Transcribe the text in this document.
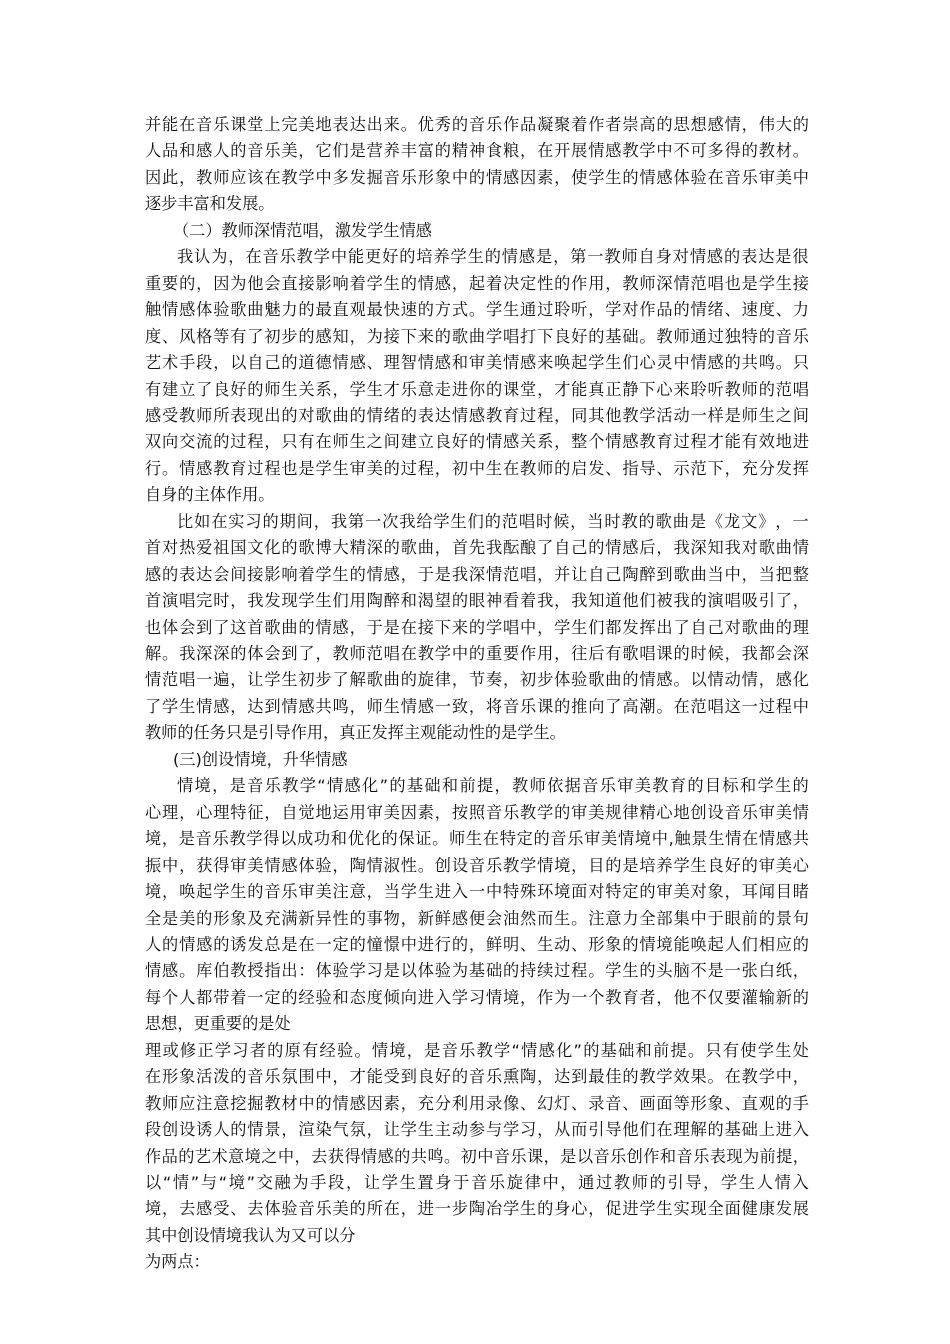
并 能 在 音 乐 课 堂 上 完 美 地 表 达 出 来 。 优 秀 的 音 乐 作 品 凝 聚 着 作 者 崇 高 的 思 想 感 情 ， 伟 大 的
人 品 和 感 人 的 音 乐 美 ， 它 们 是 营 养 丰 富 的 精 神 食 粮 ， 在 开 展 情 感 教 学 中 不 可 多 得 的 教 材 。
因 此 ， 教 师 应 该 在 教 学 中 多 发 掘 音 乐 形 象 中 的 情 感 因 素 ， 使 学 生 的 情 感 体 验 在 音 乐 审 美 中
逐步丰富和发展。
（二）教师深情范唱，激发学生情感
我 认 为 ， 在 音 乐 教 学 中 能 更 好 的 培 养 学 生 的 情 感 是 ， 第 一 教 师 自 身 对 情 感 的 表 达 是 很
重 要 的 ， 因 为 他 会 直 接 影 响 着 学 生 的 情 感 ， 起 着 决 定 性 的 作 用 ， 教 师 深 情 范 唱 也 是 学 生 接
触 情 感 体 验 歌 曲 魅 力 的 最 直 观 最 快 速 的 方 式 。 学 生 通 过 聆 听 ， 学 对 作 品 的 情 绪 、 速 度 、 力
度 、 风 格 等 有 了 初 步 的 感 知 ， 为 接 下 来 的 歌 曲 学 唱 打 下 良 好 的 基 础 。 教 师 通 过 独 特 的 音 乐
艺 术 手 段 ， 以 自 己 的 道 德 情 感 、 理 智 情 感 和 审 美 情 感 来 唤 起 学 生 们 心 灵 中 情 感 的 共 鸣 。 只
有 建 立 了 良 好 的 师 生 关 系 ， 学 生 才 乐 意 走 进 你 的 课 堂 ， 才 能 真 正 静 下 心 来 聆 听 教 师 的 范 唱
感 受 教 师 所 表 现 出 的 对 歌 曲 的 情 绪 的 表 达 情 感 教 育 过 程 ， 同 其 他 教 学 活 动 一 样 是 师 生 之 间
双 向 交 流 的 过 程 ， 只 有 在 师 生 之 间 建 立 良 好 的 情 感 关 系 ， 整 个 情 感 教 育 过 程 才 能 有 效 地 进
行 。 情 感 教 育 过 程 也 是 学 生 审 美 的 过 程 ， 初 中 生 在 教 师 的 启 发 、 指 导 、 示 范 下 ， 充 分 发 挥
自身的主体作用。
比 如 在 实 习 的 期 间 ， 我 第 一 次 我 给 学 生 们 的 范 唱 时 候 ， 当 时 教 的 歌 曲 是 《 龙 文 》 ， 一
首 对 热 爱 祖 国 文 化 的 歌 博 大 精 深 的 歌 曲 ， 首 先 我 酝 酿 了 自 己 的 情 感 后 ， 我 深 知 我 对 歌 曲 情
感 的 表 达 会 间 接 影 响 着 学 生 的 情 感 ， 于 是 我 深 情 范 唱 ， 并 让 自 己 陶 醉 到 歌 曲 当 中 ， 当 把 整
首 演 唱 完 时 ， 我 发 现 学 生 们 用 陶 醉 和 渴 望 的 眼 神 看 着 我 ， 我 知 道 他 们 被 我 的 演 唱 吸 引 了 ，
也 体 会 到 了 这 首 歌 曲 的 情 感 ， 于 是 在 接 下 来 的 学 唱 中 ， 学 生 们 都 发 挥 出 了 自 己 对 歌 曲 的 理
解 。 我 深 深 的 体 会 到 了 ， 教 师 范 唱 在 教 学 中 的 重 要 作 用 ， 往 后 有 歌 唱 课 的 时 候 ， 我 都 会 深
情 范 唱 一 遍 ， 让 学 生 初 步 了 解 歌 曲 的 旋 律 ， 节 奏 ， 初 步 体 验 歌 曲 的 情 感 。 以 情 动 情 ， 感 化
了 学 生 情 感 ， 达 到 情 感 共 鸣 ， 师 生 情 感 一 致 ， 将 音 乐 课 的 推 向 了 高 潮 。 在 范 唱 这 一 过 程 中
教师的任务只是引导作用，真正发挥主观能动性的是学生。
(三)创设情境，升华情感
情 境 ， 是 音 乐 教 学 “ 情 感 化 ” 的 基 础 和 前 提 ， 教 师 依 据 音 乐 审 美 教 育 的 目 标 和 学 生 的
心 理 ， 心 理 特 征 ， 自 觉 地 运 用 审 美 因 素 ， 按 照 音 乐 教 学 的 审 美 规 律 精 心 地 创 设 音 乐 审 美 情
境 ， 是 音 乐 教 学 得 以 成 功 和 优 化 的 保 证 。 师 生 在 特 定 的 音 乐 审 美 情 境 中 , 触 景 生 情 在 情 感 共
振 中 ， 获 得 审 美 情 感 体 验 ， 陶 情 淑 性 。 创 设 音 乐 教 学 情 境 ， 目 的 是 培 养 学 生 良 好 的 审 美 心
境 ， 唤 起 学 生 的 音 乐 审 美 注 意 ， 当 学 生 进 入 一 中 特 殊 环 境 面 对 特 定 的 审 美 对 象 ， 耳 闻 目 睹
全 是 美 的 形 象 及 充 满 新 异 性 的 事 物 ， 新 鲜 感 便 会 油 然 而 生 。 注 意 力 全 部 集 中 于 眼 前 的 景 句
人 的 情 感 的 诱 发 总 是 在 一 定 的 憧 憬 中 进 行 的 ， 鲜 明 、 生 动 、 形 象 的 情 境 能 唤 起 人 们 相 应 的
情 感 。 库 伯 教 授 指 出 ： 体 验 学 习 是 以 体 验 为 基 础 的 持 续 过 程 。 学 生 的 头 脑 不 是 一 张 白 纸 ，
每 个 人 都 带 着 一 定 的 经 验 和 态 度 倾 向 进 入 学 习 情 境 ， 作 为 一 个 教 育 者 ， 他 不 仅 要 灌 输 新 的
思想，更重要的是处
理 或 修 正 学 习 者 的 原 有 经 验 。 情 境 ， 是 音 乐 教 学 “ 情 感 化 ” 的 基 础 和 前 提 。 只 有 使 学 生 处
在 形 象 活 泼 的 音 乐 氛 围 中 ， 才 能 受 到 良 好 的 音 乐 熏 陶 ， 达 到 最 佳 的 教 学 效 果 。 在 教 学 中 ，
教 师 应 注 意 挖 掘 教 材 中 的 情 感 因 素 ， 充 分 利 用 录 像 、 幻 灯 、 录 音 、 画 面 等 形 象 、 直 观 的 手
段 创 设 诱 人 的 情 景 ， 渲 染 气 氛 ， 让 学 生 主 动 参 与 学 习 ， 从 而 引 导 他 们 在 理 解 的 基 础 上 进 入
作 品 的 艺 术 意 境 之 中 ， 去 获 得 情 感 的 共 鸣 。 初 中 音 乐 课 ， 是 以 音 乐 创 作 和 音 乐 表 现 为 前 提 ，
以 “ 情 ” 与 “ 境 ” 交 融 为 手 段 ， 让 学 生 置 身 于 音 乐 旋 律 中 ， 通 过 教 师 的 引 导 ， 学 生 人 情 入
境 ， 去 感 受 、 去 体 验 音 乐 美 的 所 在 ， 进 一 步 陶 冶 学 生 的 身 心 ， 促 进 学 生 实 现 全 面 健 康 发 展
其中创设情境我认为又可以分
为两点：
